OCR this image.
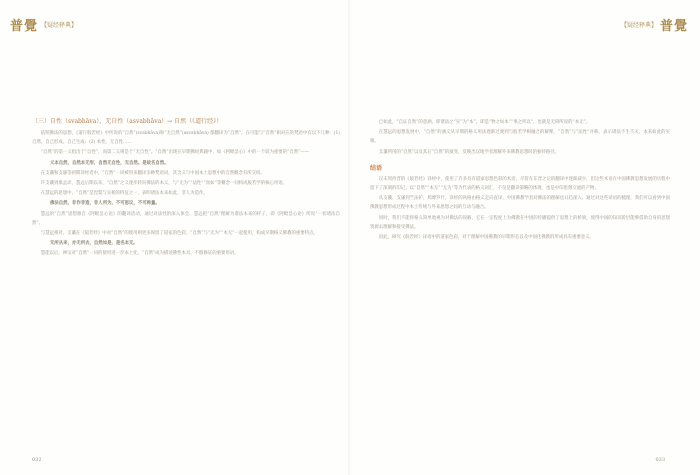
普覺 【疑经释典】	【疑经释典】 普覺

（三）自性（svabhāva）、无自性（asvabhāva）→ 自然（《道行经》）

依照佛法的思想，《道行般若经》中所说的“自然”(svabhāva)和“无自然”(asvabhāva) 都翻译为“自然”。在可能与“自然”相对应的梵语中有以下几种：(1) 自然、自己形成、自己生成；(2) 本性、无自性……

“自然”的第一义指出于“自性”，而第二义则是于“无自性”。“自然”出现在早期佛经典籍中，如《阿毗昙心》中的一个较为重要的“自然”——

义本自然，自然本无形，自然无自性，无自然。是故名自然。

在支谶和支谦等初期译经者中，“自然”一词被用来翻译多种梵语词，其含义与中国本土思想中的自然概念有所交织。

许支谶到康孟详，慧远后期以来，“自然”之义逐步转向佛法的本义，与“无为”“法性”“真如”等概念一同构成般若学的核心用语。

在慧远的思想中，“自然”是涅槃与实相的特征之一，表明诸法本来如此、非人为造作。

佛法自然，非作非造，非人所为，不可思议，不可称量。

慧远的“自然”思想源自《阿毗昙心论》的翻译活动，通过对法性的深入体会，慧远把“自然”理解为诸法本来的样子，即《阿毗昙心论》所说“一切诸法自然”。

与慧远相对，支谶在《般若经》中对“自然”的使用则更多保留了道家的色彩，“自然”与“无为”“本无”一起使用，构成早期格义佛教的重要特点。

无所从来，亦无所去，自然如是，是名本无。

慧能以后，禅宗对“自然”一词的使用进一步本土化，“自然”成为描述佛性本具、不假修证的重要用语。

已如此，“自证自然”的意涵，即诸法之“实”为“本”，即是“物之如本”“事之所以”，也就是无碍所说的“本无”。

在慧远的思想发展中，“自然”的涵义从早期的格义用法逐渐过渡到与般若学相融合的解释，“自然”与“法性”并称，表示诸法不生不灭、本来如此的实相。

支谶所用的“自然”以及其后“自然”的演变，反映出汉地学者理解外来佛教思想时的独特路径。

结语

汉末到西晋的《般若经》译经中，使用了许多具有道家思想色彩的术语，尽管在东晋之后的翻译中逐渐减少，但这些术语在中国佛教思想发展的历程中留下了深刻的印记。以“自然”“本无”“无为”等为代表的格义词汇，不仅是翻译策略的体现，也是中印思想交流的产物。

从支谶、支谦到竺法护、鸠摩罗什，译经的风格由格义走向直译，中国佛教学者对佛法的理解也日趋深入。通过对这些译语的梳理，我们可以看到中国佛教思想形成过程中本土传统与外来思想之间的互动与融合。

同时，我们不能将格义简单地视为对佛法的误解，它在一定程度上为佛教在中国的传播提供了思想上的桥梁，使得中国的知识阶层能够借助自身的思想资源去理解和接受佛法。

因此，研究《般若经》译语中的道家色彩，对于理解中国佛教的早期形态以及中国化佛教的形成具有重要意义。

032	033
